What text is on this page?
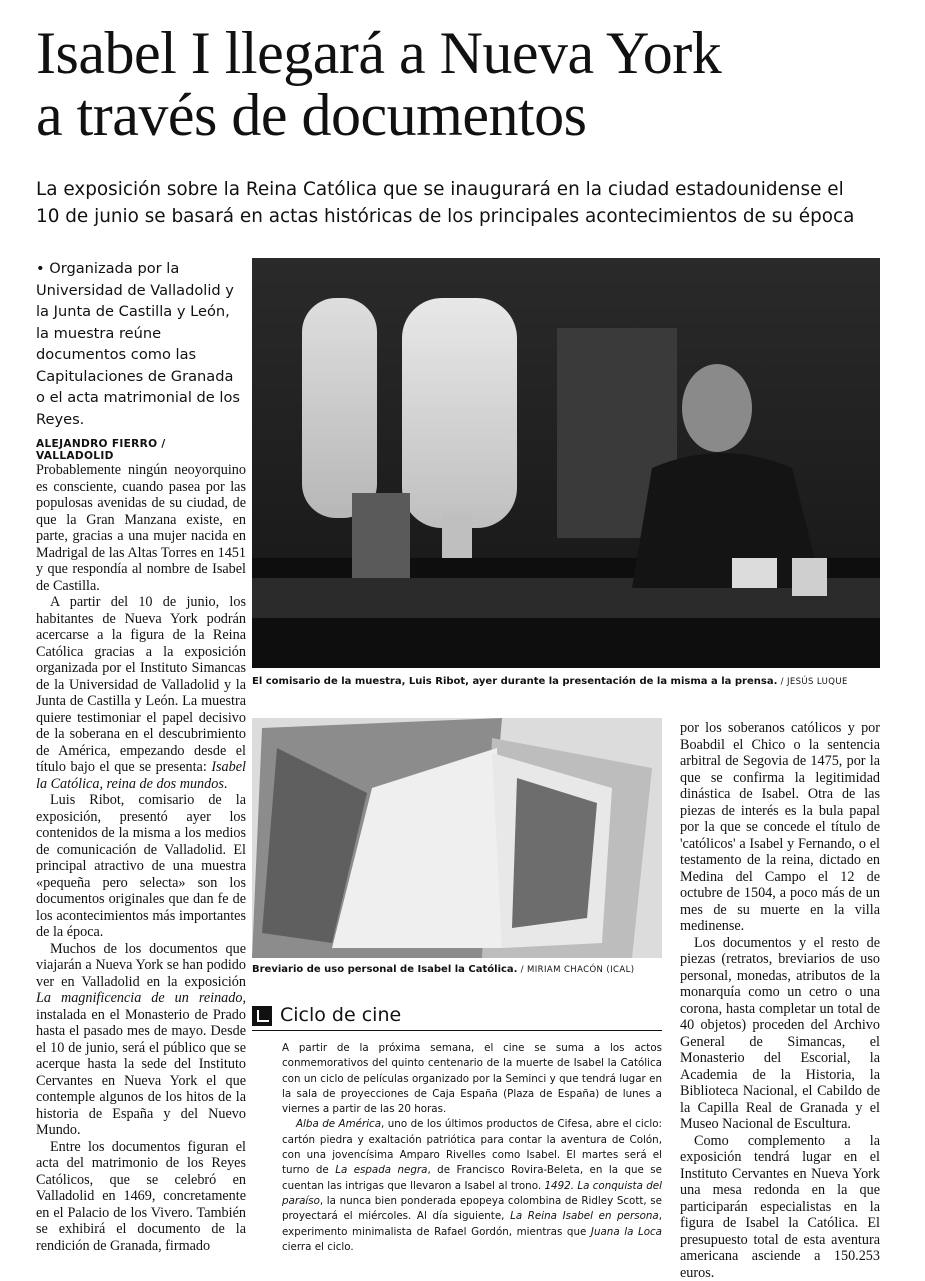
Isabel I llegará a Nueva York
a través de documentos
La exposición sobre la Reina Católica que se inaugurará en la ciudad estadounidense el
10 de junio se basará en actas históricas de los principales acontecimientos de su época
• Organizada por la Universidad de Valladolid y la Junta de Castilla y León, la muestra reúne documentos como las Capitulaciones de Granada o el acta matrimonial de los Reyes.
ALEJANDRO FIERRO / VALLADOLID

Probablemente ningún neoyorquino es consciente, cuando pasea por las populosas avenidas de su ciudad, de que la Gran Manzana existe, en parte, gracias a una mujer nacida en Madrigal de las Altas Torres en 1451 y que respondía al nombre de Isabel de Castilla.

A partir del 10 de junio, los habitantes de Nueva York podrán acercarse a la figura de la Reina Católica gracias a la exposición organizada por el Instituto Simancas de la Universidad de Valladolid y la Junta de Castilla y León. La muestra quiere testimoniar el papel decisivo de la soberana en el descubrimiento de América, empezando desde el título bajo el que se presenta: Isabel la Católica, reina de dos mundos.

Luis Ribot, comisario de la exposición, presentó ayer los contenidos de la misma a los medios de comunicación de Valladolid. El principal atractivo de una muestra «pequeña pero selecta» son los documentos originales que dan fe de los acontecimientos más importantes de la época.

Muchos de los documentos que viajarán a Nueva York se han podido ver en Valladolid en la exposición La magnificencia de un reinado, instalada en el Monasterio de Prado hasta el pasado mes de mayo. Desde el 10 de junio, será el público que se acerque hasta la sede del Instituto Cervantes en Nueva York el que contemple algunos de los hitos de la historia de España y del Nuevo Mundo.

Entre los documentos figuran el acta del matrimonio de los Reyes Católicos, que se celebró en Valladolid en 1469, concretamente en el Palacio de los Vivero. También se exhibirá el documento de la rendición de Granada, firmado

El comisario de la muestra, Luis Ribot, ayer durante la presentación de la misma a la prensa. / JESÚS LUQUE
Breviario de uso personal de Isabel la Católica. / MIRIAM CHACÓN (ICAL)
Ciclo de cine

A partir de la próxima semana, el cine se suma a los actos conmemorativos del quinto centenario de la muerte de Isabel la Católica con un ciclo de películas organizado por la Seminci y que tendrá lugar en la sala de proyecciones de Caja España (Plaza de España) de lunes a viernes a partir de las 20 horas.

Alba de América, uno de los últimos productos de Cifesa, abre el ciclo: cartón piedra y exaltación patriótica para contar la aventura de Colón, con una jovencísima Amparo Rivelles como Isabel. El martes será el turno de La espada negra, de Francisco Rovira-Beleta, en la que se cuentan las intrigas que llevaron a Isabel al trono. 1492. La conquista del paraíso, la nunca bien ponderada epopeya colombina de Ridley Scott, se proyectará el miércoles. Al día siguiente, La Reina Isabel en persona, experimento minimalista de Rafael Gordón, mientras que Juana la Loca cierra el ciclo.

por los soberanos católicos y por Boabdil el Chico o la sentencia arbitral de Segovia de 1475, por la que se confirma la legitimidad dinástica de Isabel. Otra de las piezas de interés es la bula papal por la que se concede el título de 'católicos' a Isabel y Fernando, o el testamento de la reina, dictado en Medina del Campo el 12 de octubre de 1504, a poco más de un mes de su muerte en la villa medinense.

Los documentos y el resto de piezas (retratos, breviarios de uso personal, monedas, atributos de la monarquía como un cetro o una corona, hasta completar un total de 40 objetos) proceden del Archivo General de Simancas, el Monasterio del Escorial, la Academia de la Historia, la Biblioteca Nacional, el Cabildo de la Capilla Real de Granada y el Museo Nacional de Escultura.

Como complemento a la exposición tendrá lugar en el Instituto Cervantes en Nueva York una mesa redonda en la que participarán especialistas en la figura de Isabel la Católica. El presupuesto total de esta aventura americana asciende a 150.253 euros.
